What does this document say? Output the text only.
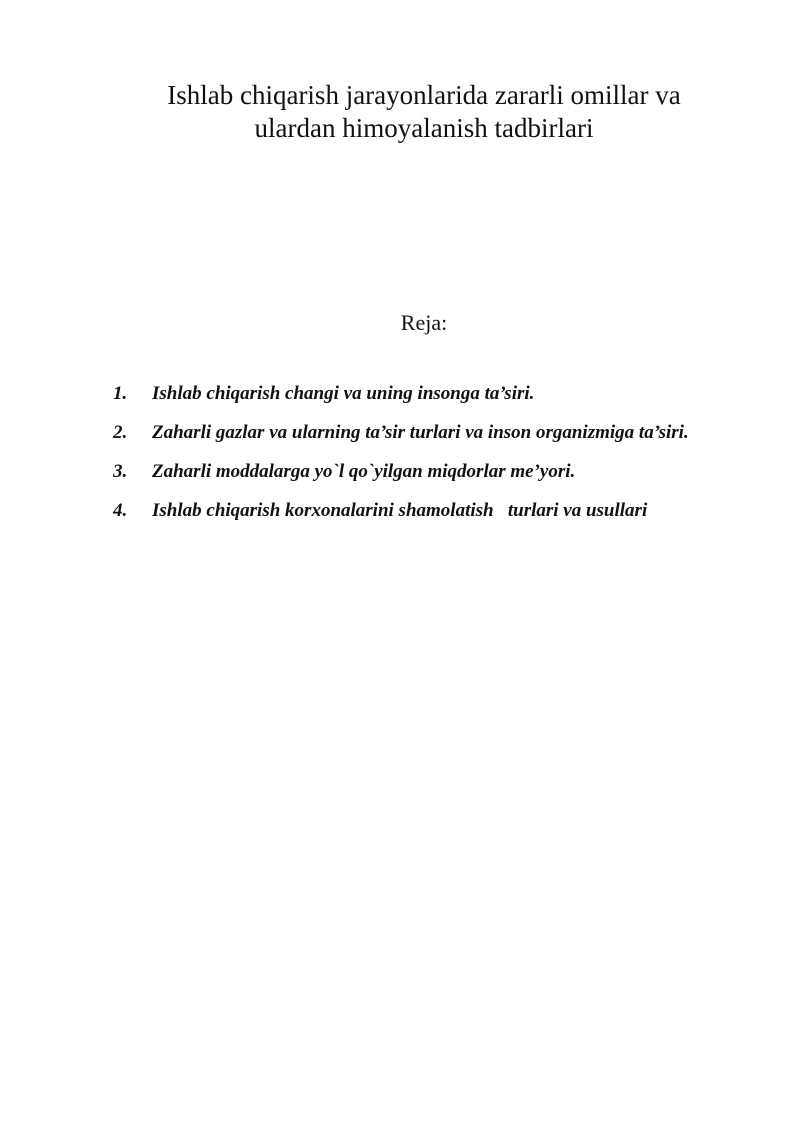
Ishlab chiqarish jarayonlarida zararli omillar va
ulardan himoyalanish tadbirlari
Reja:
1.	Ishlab chiqarish changi va uning insonga ta’siri.
2.	Zaharli gazlar va ularning ta’sir turlari va inson organizmiga ta’siri.
3.	Zaharli moddalarga yo`l qo`yilgan miqdorlar me’yori.
4.	Ishlab chiqarish korxonalarini shamolatish   turlari va usullari
